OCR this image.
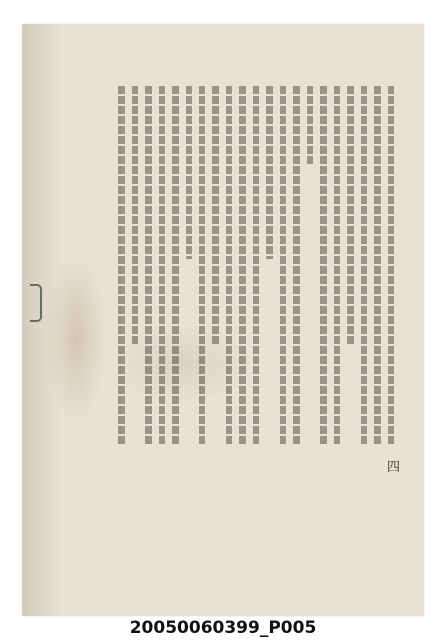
四
20050060399_P005
